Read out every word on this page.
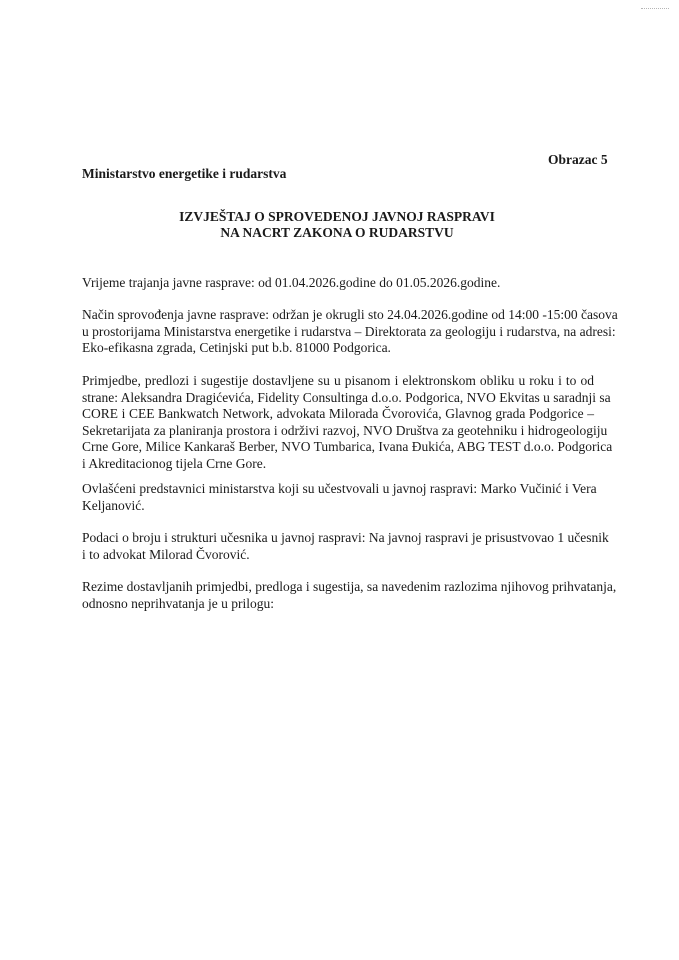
Obrazac 5
Ministarstvo energetike i rudarstva
IZVJEŠTAJ O SPROVEDENOJ JAVNOJ RASPRAVI
NA NACRT ZAKONA O RUDARSTVU

Vrijeme trajanja javne rasprave: od 01.04.2026.godine do 01.05.2026.godine.

Način sprovođenja javne rasprave: održan je okrugli sto 24.04.2026.godine od 14:00 -15:00 časova
u prostorijama Ministarstva energetike i rudarstva – Direktorata za geologiju i rudarstva, na adresi:
Eko-efikasna zgrada, Cetinjski put b.b. 81000 Podgorica.

Primjedbe, predlozi i sugestije dostavljene su u pisanom i elektronskom obliku u roku i to od
strane: Aleksandra Dragićevića, Fidelity Consultinga d.o.o. Podgorica, NVO Ekvitas u saradnji sa
CORE i CEE Bankwatch Network, advokata Milorada Čvorovića, Glavnog grada Podgorice –
Sekretarijata za planiranja prostora i održivi razvoj, NVO Društva za geotehniku i hidrogeologiju
Crne Gore, Milice Kankaraš Berber, NVO Tumbarica, Ivana Đukića, ABG TEST d.o.o. Podgorica
i Akreditacionog tijela Crne Gore.

Ovlašćeni predstavnici ministarstva koji su učestvovali u javnoj raspravi: Marko Vučinić i Vera
Keljanović.

Podaci o broju i strukturi učesnika u javnoj raspravi: Na javnoj raspravi je prisustvovao 1 učesnik
i to advokat Milorad Čvorović.

Rezime dostavljanih primjedbi, predloga i sugestija, sa navedenim razlozima njihovog prihvatanja,
odnosno neprihvatanja je u prilogu:
